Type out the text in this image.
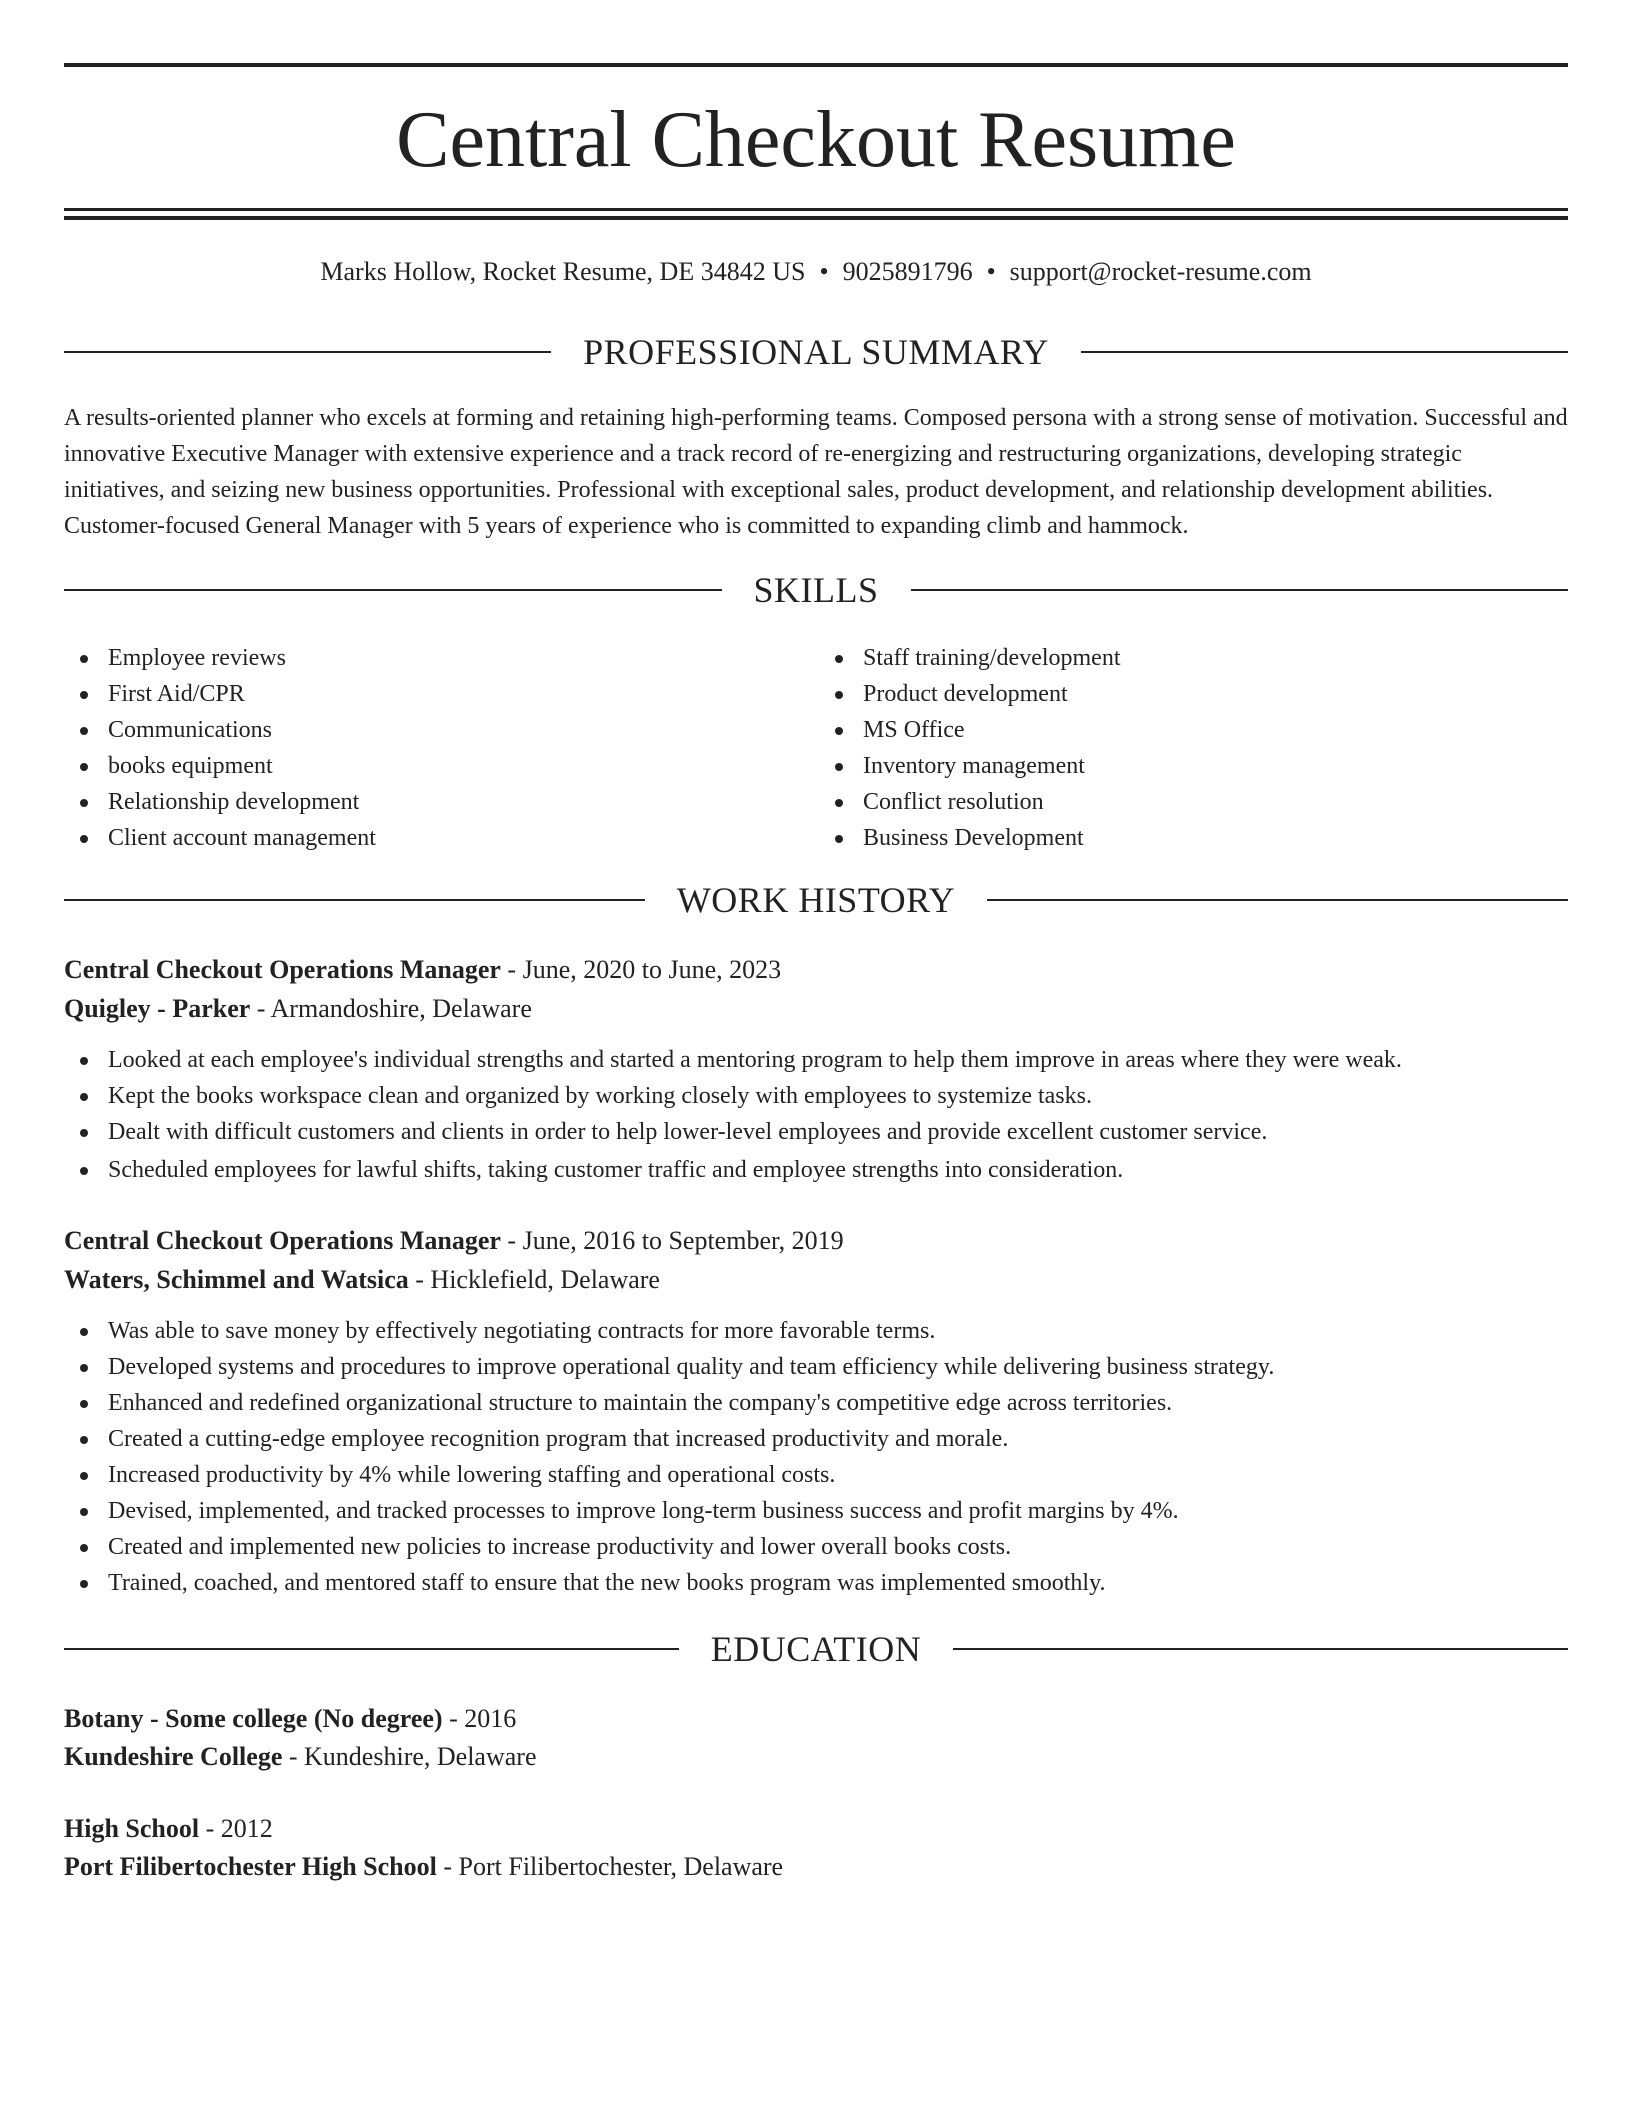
Central Checkout Resume
Marks Hollow, Rocket Resume, DE 34842 US • 9025891796 • support@rocket-resume.com
PROFESSIONAL SUMMARY

A results-oriented planner who excels at forming and retaining high-performing teams. Composed persona with a strong sense of motivation. Successful and innovative Executive Manager with extensive experience and a track record of re-energizing and restructuring organizations, developing strategic initiatives, and seizing new business opportunities. Professional with exceptional sales, product development, and relationship development abilities. Customer-focused General Manager with 5 years of experience who is committed to expanding climb and hammock.

SKILLS
Employee reviews
First Aid/CPR
Communications
books equipment
Relationship development
Client account management
Staff training/development
Product development
MS Office
Inventory management
Conflict resolution
Business Development
WORK HISTORY
Central Checkout Operations Manager - June, 2020 to June, 2023
Quigley - Parker - Armandoshire, Delaware
Looked at each employee's individual strengths and started a mentoring program to help them improve in areas where they were weak.
Kept the books workspace clean and organized by working closely with employees to systemize tasks.
Dealt with difficult customers and clients in order to help lower-level employees and provide excellent customer service.
Scheduled employees for lawful shifts, taking customer traffic and employee strengths into consideration.
Central Checkout Operations Manager - June, 2016 to September, 2019
Waters, Schimmel and Watsica - Hicklefield, Delaware
Was able to save money by effectively negotiating contracts for more favorable terms.
Developed systems and procedures to improve operational quality and team efficiency while delivering business strategy.
Enhanced and redefined organizational structure to maintain the company's competitive edge across territories.
Created a cutting-edge employee recognition program that increased productivity and morale.
Increased productivity by 4% while lowering staffing and operational costs.
Devised, implemented, and tracked processes to improve long-term business success and profit margins by 4%.
Created and implemented new policies to increase productivity and lower overall books costs.
Trained, coached, and mentored staff to ensure that the new books program was implemented smoothly.
EDUCATION
Botany - Some college (No degree) - 2016
Kundeshire College - Kundeshire, Delaware
High School - 2012
Port Filibertochester High School - Port Filibertochester, Delaware
